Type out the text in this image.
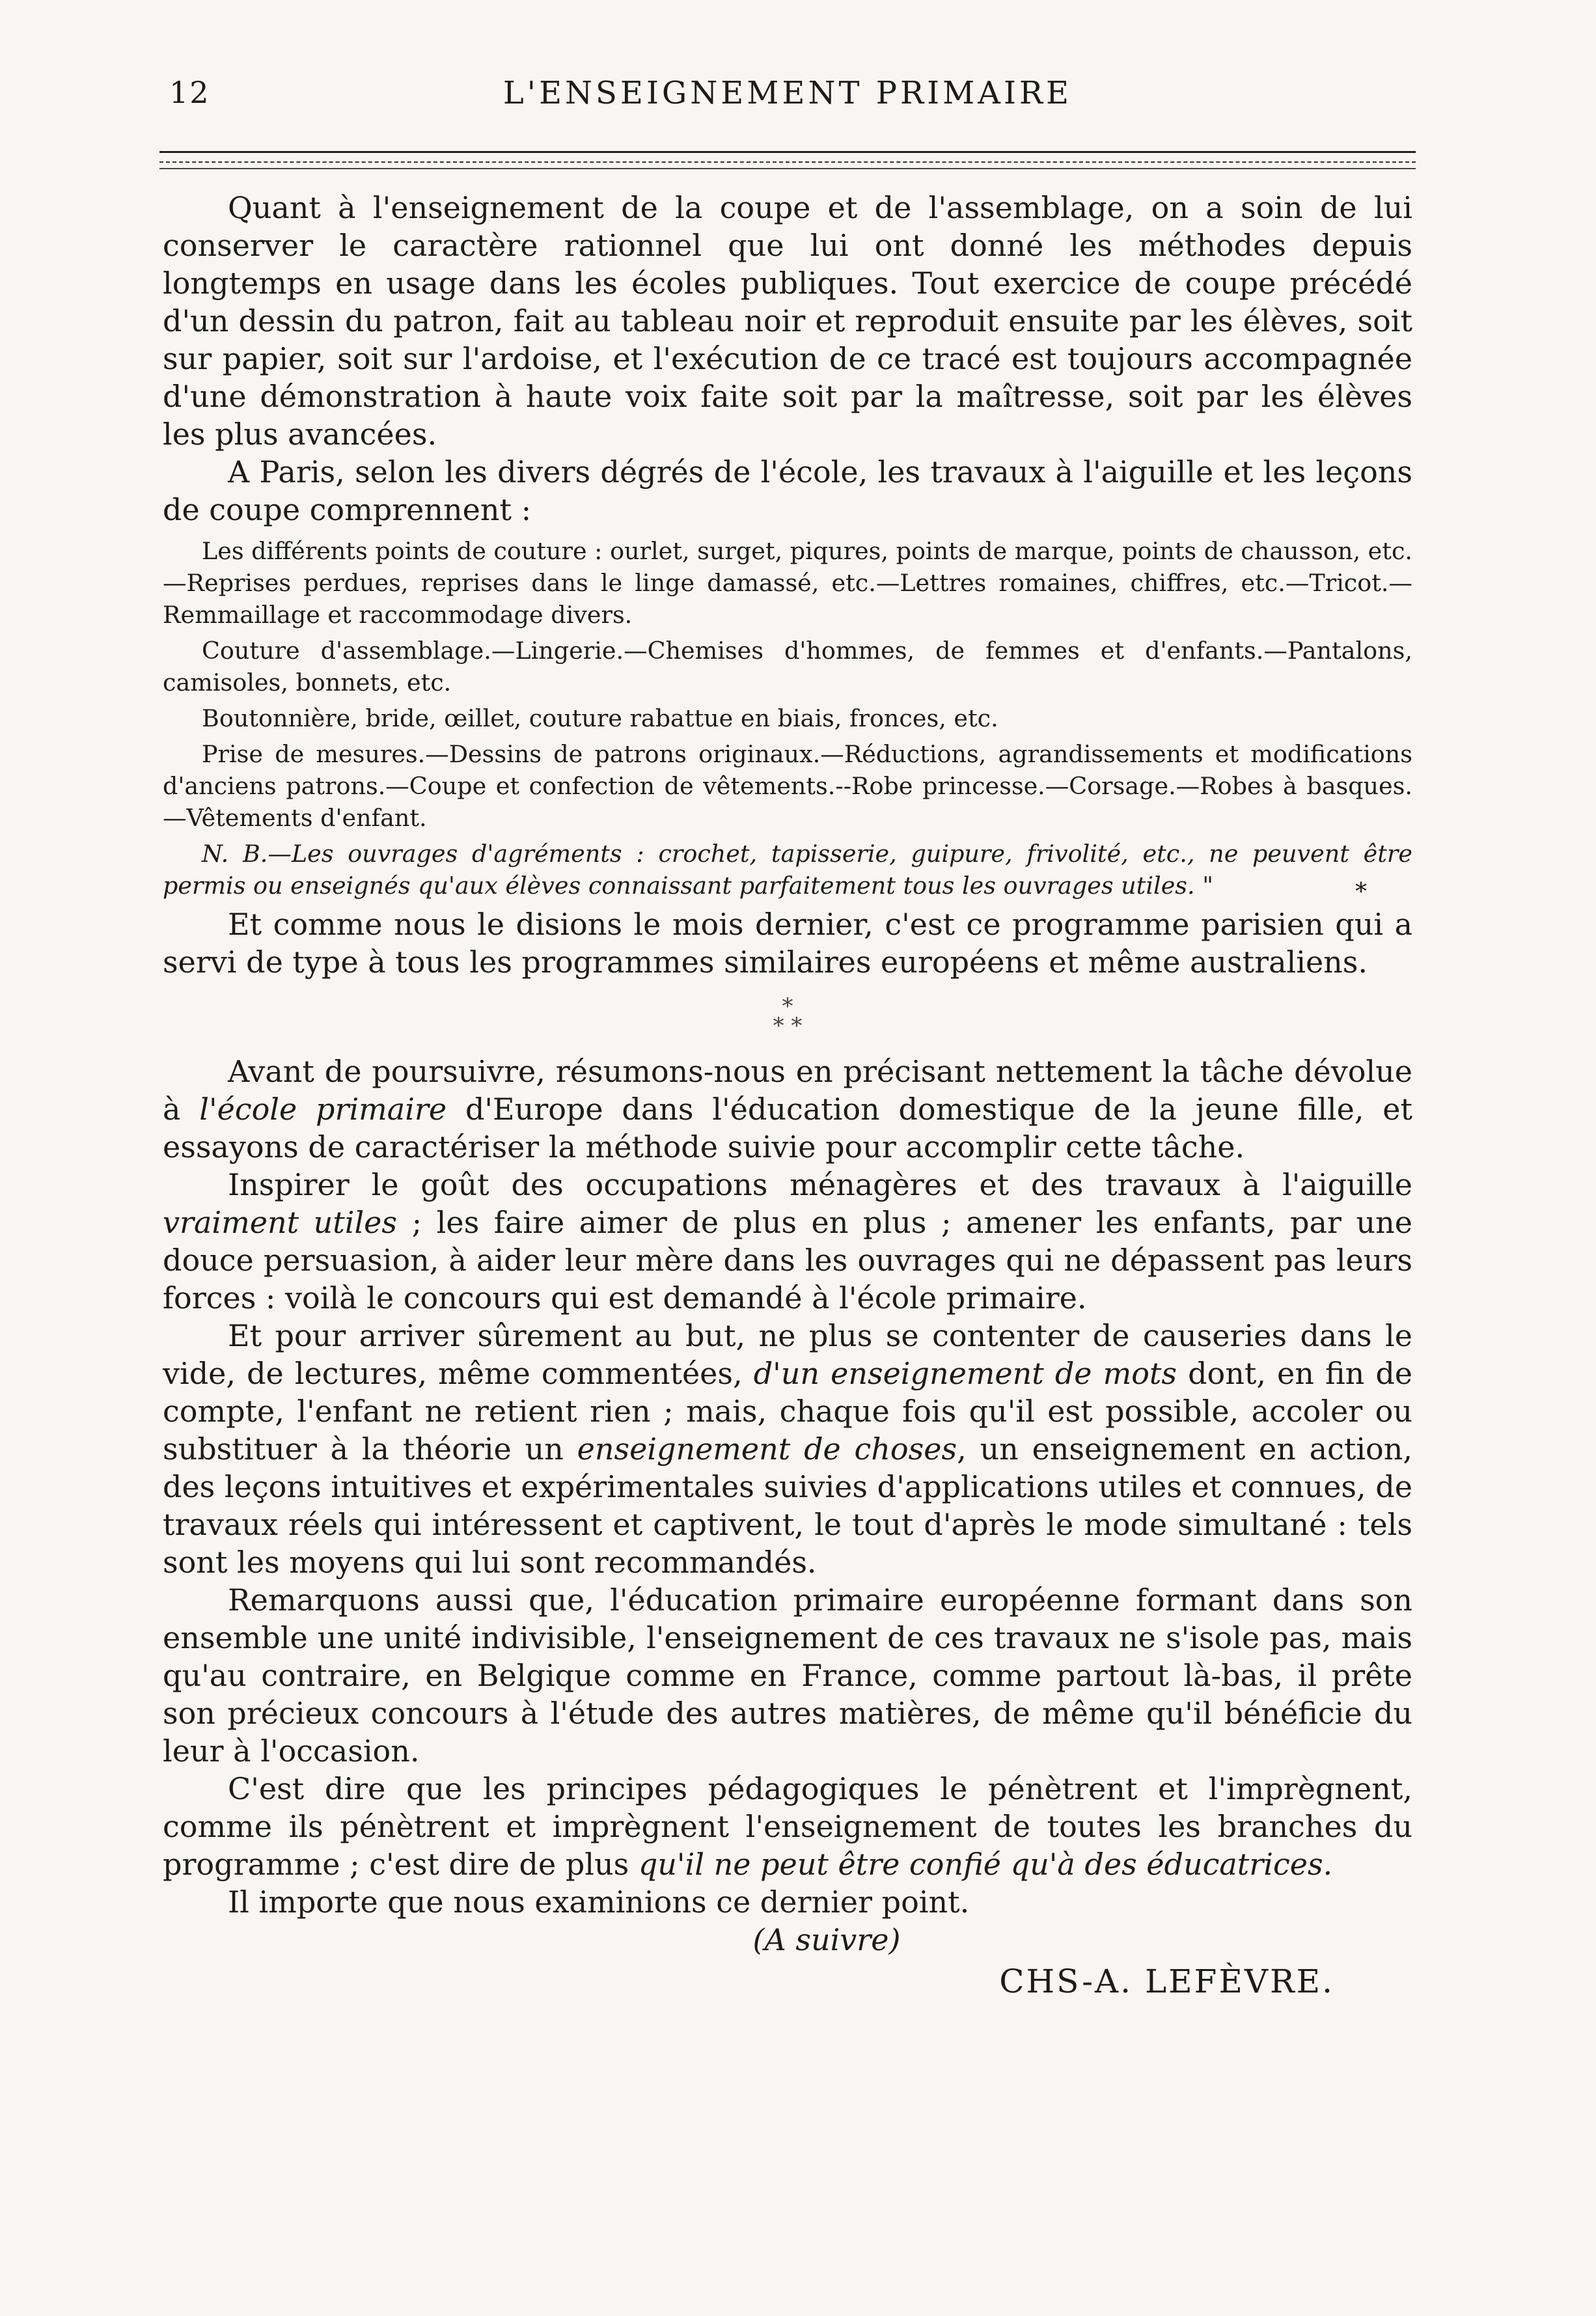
12	L'ENSEIGNEMENT PRIMAIRE

Quant à l'enseignement de la coupe et de l'assemblage, on a soin de lui conserver le caractère rationnel que lui ont donné les méthodes depuis longtemps en usage dans les écoles publiques. Tout exercice de coupe précédé d'un dessin du patron, fait au tableau noir et reproduit ensuite par les élèves, soit sur papier, soit sur l'ardoise, et l'exécution de ce tracé est toujours accompagnée d'une démonstration à haute voix faite soit par la maîtresse, soit par les élèves les plus avancées.

A Paris, selon les divers dégrés de l'école, les travaux à l'aiguille et les leçons de coupe comprennent :

Les différents points de couture : ourlet, surget, piqures, points de marque, points de chausson, etc.—Reprises perdues, reprises dans le linge damassé, etc.—Lettres romaines, chiffres, etc.—Tricot.—Remmaillage et raccommodage divers.

Couture d'assemblage.—Lingerie.—Chemises d'hommes, de femmes et d'enfants.—Pantalons, camisoles, bonnets, etc.

Boutonnière, bride, œillet, couture rabattue en biais, fronces, etc.

Prise de mesures.—Dessins de patrons originaux.—Réductions, agrandissements et modifications d'anciens patrons.—Coupe et confection de vêtements.--Robe princesse.—Corsage.—Robes à basques.—Vêtements d'enfant.

N. B.—Les ouvrages d'agréments : crochet, tapisserie, guipure, frivolité, etc., ne peuvent être permis ou enseignés qu'aux élèves connaissant parfaitement tous les ouvrages utiles. "	*

Et comme nous le disions le mois dernier, c'est ce programme parisien qui a servi de type à tous les programmes similaires européens et même australiens.

*
* *

Avant de poursuivre, résumons-nous en précisant nettement la tâche dévolue à l'école primaire d'Europe dans l'éducation domestique de la jeune fille, et essayons de caractériser la méthode suivie pour accomplir cette tâche.

Inspirer le goût des occupations ménagères et des travaux à l'aiguille vraiment utiles ; les faire aimer de plus en plus ; amener les enfants, par une douce persuasion, à aider leur mère dans les ouvrages qui ne dépassent pas leurs forces : voilà le concours qui est demandé à l'école primaire.

Et pour arriver sûrement au but, ne plus se contenter de causeries dans le vide, de lectures, même commentées, d'un enseignement de mots dont, en fin de compte, l'enfant ne retient rien ; mais, chaque fois qu'il est possible, accoler ou substituer à la théorie un enseignement de choses, un enseignement en action, des leçons intuitives et expérimentales suivies d'applications utiles et connues, de travaux réels qui intéressent et captivent, le tout d'après le mode simultané : tels sont les moyens qui lui sont recommandés.

Remarquons aussi que, l'éducation primaire européenne formant dans son ensemble une unité indivisible, l'enseignement de ces travaux ne s'isole pas, mais qu'au contraire, en Belgique comme en France, comme partout là-bas, il prête son précieux concours à l'étude des autres matières, de même qu'il bénéficie du leur à l'occasion.

C'est dire que les principes pédagogiques le pénètrent et l'imprègnent, comme ils pénètrent et imprègnent l'enseignement de toutes les branches du programme ; c'est dire de plus qu'il ne peut être confié qu'à des éducatrices.

Il importe que nous examinions ce dernier point.

(A suivre)
CHS-A. LEFÈVRE.
